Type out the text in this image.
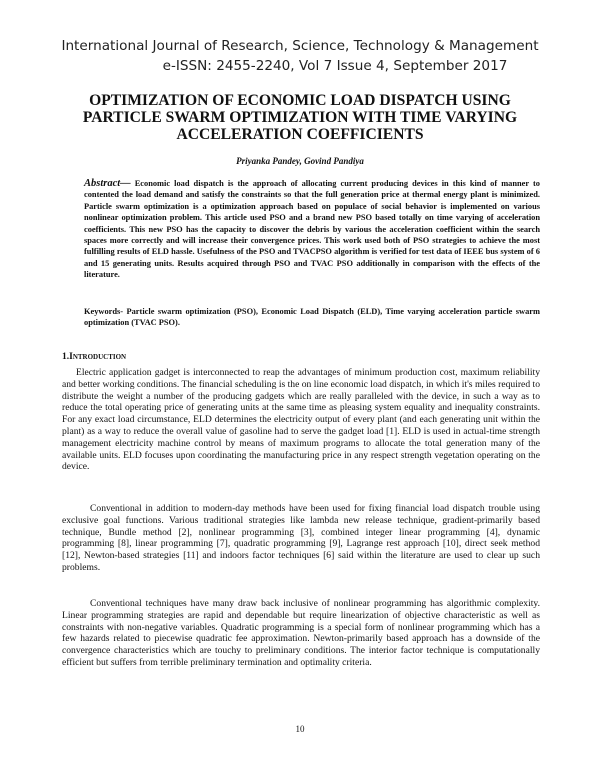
International Journal of Research, Science, Technology & Management
e-ISSN: 2455-2240, Vol 7 Issue 4, September 2017
OPTIMIZATION OF ECONOMIC LOAD DISPATCH USING PARTICLE SWARM OPTIMIZATION WITH TIME VARYING ACCELERATION COEFFICIENTS
Priyanka Pandey, Govind Pandiya
Abstract— Economic load dispatch is the approach of allocating current producing devices in this kind of manner to contented the load demand and satisfy the constraints so that the full generation price at thermal energy plant is minimized. Particle swarm optimization is a optimization approach based on populace of social behavior is implemented on various nonlinear optimization problem. This article used PSO and a brand new PSO based totally on time varying of acceleration coefficients. This new PSO has the capacity to discover the debris by various the acceleration coefficient within the search spaces more correctly and will increase their convergence prices. This work used both of PSO strategies to achieve the most fulfilling results of ELD hassle. Usefulness of the PSO and TVACPSO algorithm is verified for test data of IEEE bus system of 6 and 15 generating units. Results acquired through PSO and TVAC PSO additionally in comparison with the effects of the literature.
Keywords- Particle swarm optimization (PSO), Economic Load Dispatch (ELD), Time varying acceleration particle swarm optimization (TVAC PSO).
1.Introduction

Electric application gadget is interconnected to reap the advantages of minimum production cost, maximum reliability and better working conditions. The financial scheduling is the on line economic load dispatch, in which it's miles required to distribute the weight a number of the producing gadgets which are really paralleled with the device, in such a way as to reduce the total operating price of generating units at the same time as pleasing system equality and inequality constraints. For any exact load circumstance, ELD determines the electricity output of every plant (and each generating unit within the plant) as a way to reduce the overall value of gasoline had to serve the gadget load [1]. ELD is used in actual-time strength management electricity machine control by means of maximum programs to allocate the total generation many of the available units. ELD focuses upon coordinating the manufacturing price in any respect strength vegetation operating on the device.

Conventional in addition to modern-day methods have been used for fixing financial load dispatch trouble using exclusive goal functions. Various traditional strategies like lambda new release technique, gradient-primarily based technique, Bundle method [2], nonlinear programming [3], combined integer linear programming [4], dynamic programming [8], linear programming [7], quadratic programming [9], Lagrange rest approach [10], direct seek method [12], Newton-based strategies [11] and indoors factor techniques [6] said within the literature are used to clear up such problems.

Conventional techniques have many draw back inclusive of nonlinear programming has algorithmic complexity. Linear programming strategies are rapid and dependable but require linearization of objective characteristic as well as constraints with non-negative variables. Quadratic programming is a special form of nonlinear programming which has a few hazards related to piecewise quadratic fee approximation. Newton-primarily based approach has a downside of the convergence characteristics which are touchy to preliminary conditions. The interior factor technique is computationally efficient but suffers from terrible preliminary termination and optimality criteria.

10
